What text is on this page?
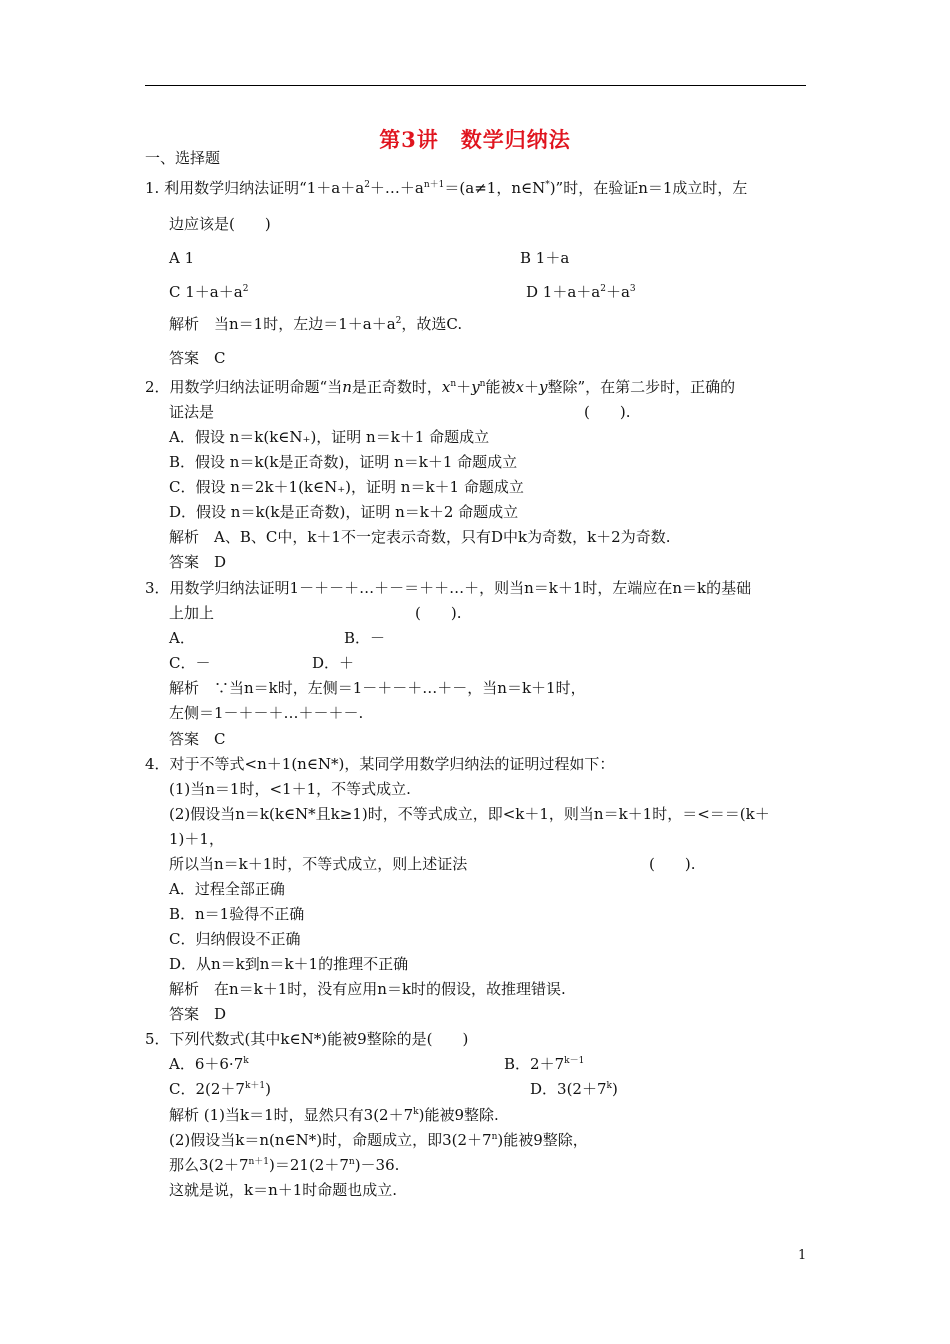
第3讲　数学归纳法
一、选择题
1. 利用数学归纳法证明“$1+a+a^2+\dots+a^{n+1}=(a\ne 1$，n∈N*)”时，在验证n＝1成立时，左
边应该是(　　)
A 1	B 1＋a
C $1+a+a^2$	D $1+a+a^2+a^3$
解析　当n＝1时，左边$=1+a+a^2$，故选C.
答案　C
2．用数学归纳法证明命题“当n是正奇数时，$x^n+y^n$能被x＋y整除”，在第二步时，正确的
证法是	(　　).
A．假设 n＝k(k∈N₊)，证明 n＝k＋1 命题成立
B．假设 n＝k(k是正奇数)，证明 n＝k＋1 命题成立
C．假设 n＝2k＋1(k∈N₊)，证明 n＝k＋1 命题成立
D．假设 n＝k(k是正奇数)，证明 n＝k＋2 命题成立
解析　A、B、C中，k＋1不一定表示奇数，只有D中k为奇数，k＋2为奇数.
答案　D
3．用数学归纳法证明1－＋－＋…＋－＝＋＋…＋，则当n＝k＋1时，左端应在n＝k的基础
上加上	(　　).
A．	B．－
C．－	D．＋
解析　∵当n＝k时，左侧＝1－＋－＋…＋－，当n＝k＋1时，
左侧＝1－＋－＋…＋－＋－.
答案　C
4．对于不等式<n＋1(n∈N*)，某同学用数学归纳法的证明过程如下：
(1)当n＝1时，<1＋1，不等式成立.
(2)假设当n＝k(k∈N*且k≥1)时，不等式成立，即<k＋1，则当n＝k＋1时，＝<＝＝(k＋
1)＋1，
所以当n＝k＋1时，不等式成立，则上述证法	(　　).
A．过程全部正确
B．n＝1验得不正确
C．归纳假设不正确
D．从n＝k到n＝k＋1的推理不正确
解析　在n＝k＋1时，没有应用n＝k时的假设，故推理错误.
答案　D
5．下列代数式(其中k∈N*)能被9整除的是(　　)
A．$6+6\cdot 7^k$	B．$2+7^{k-1}$
C．$2(2+7^{k+1})$	D．$3(2+7^k)$
解析 (1)当k＝1时，显然只有$3(2+7^k)$能被9整除.
(2)假设当k＝n(n∈N*)时，命题成立，即$3(2+7^n)$能被9整除，
那么$3(2+7^{n+1})=21(2+7^n)-36$.
这就是说，k＝n＋1时命题也成立.
1
